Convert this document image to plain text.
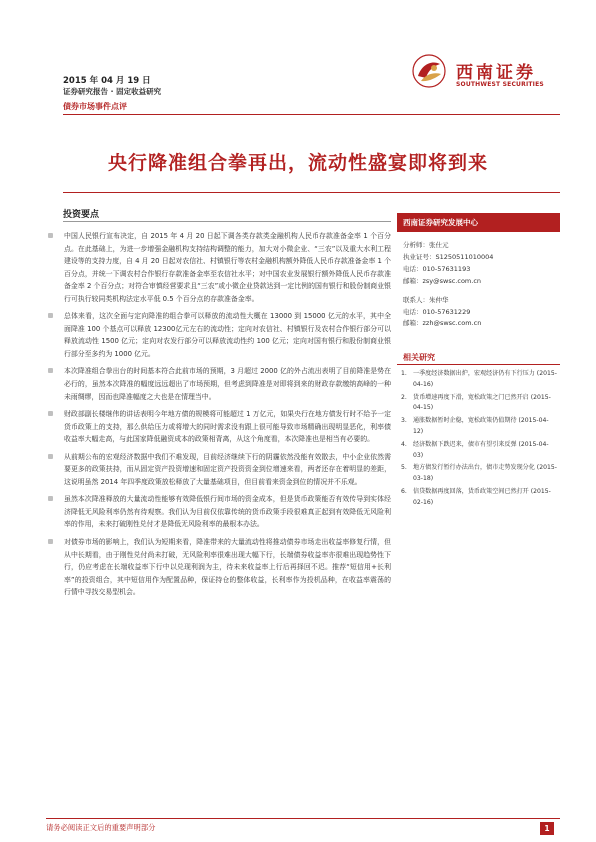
2015 年 04 月 19 日
证券研究报告 · 固定收益研究
债券市场事件点评
西南证券
SOUTHWEST SECURITIES
央行降准组合拳再出，流动性盛宴即将到来
投资要点
中国人民银行宣布决定，自 2015 年 4 月 20 日起下调各类存款类金融机构人民币存款准备金率 1 个百分点。在此基础上，为进一步增强金融机构支持结构调整的能力，加大对小微企业、“三农”以及重大水利工程建设等的支持力度，自 4 月 20 日起对农信社、村镇银行等农村金融机构额外降低人民币存款准备金率 1 个百分点，并统一下调农村合作银行存款准备金率至农信社水平；对中国农业发展银行额外降低人民币存款准备金率 2 个百分点；对符合审慎经营要求且“三农”或小微企业贷款达到一定比例的国有银行和股份制商业银行可执行较同类机构法定水平低 0.5 个百分点的存款准备金率。
总体来看，这次全面与定向降准的组合拳可以释放的流动性大概在 13000 到 15000 亿元的水平，其中全面降准 100 个基点可以释放 12300亿元左右的流动性；定向对农信社、村镇银行及农村合作银行部分可以释放流动性 1500 亿元；定向对农发行部分可以释放流动性约 100 亿元；定向对国有银行和股份制商业银行部分至多约为 1000 亿元。
本次降准组合拳出台的时间基本符合此前市场的预期，3 月超过 2000 亿的外占流出表明了目前降准是势在必行的，虽然本次降准的幅度远远超出了市场预期，但考虑到降准是对即将到来的财政存款缴纳高峰的一种未雨绸缪，因而也降准幅度之大也是在情理当中。
财政部副长楼继伟的讲话表明今年地方债的规模将可能超过 1 万亿元，如果央行在地方债发行时不给予一定货币政策上的支持，那么供给压力或将增大的同时需求没有跟上很可能导致市场精确出现明显恶化，利率债收益率大幅走高，与此国家降低融资成本的政策相背离，从这个角度看，本次降准也是相当有必要的。
从前期公布的宏观经济数据中我们不难发现，目前经济继续下行的阴霾依然没能有效散去，中小企业依然需要更多的政策扶持，而从固定资产投资增速和固定资产投资资金到位增速来看，两者还存在着明显的差距，这说明虽然 2014 年四季度政策放松释放了大量基础项目，但目前看来资金到位的情况并不乐观。
虽然本次降准释放的大量流动性能够有效降低银行间市场的资金成本，但是货币政策能否有效传导到实体经济降低无风险利率仍然有待观察。我们认为目前仅依靠传统的货币政策手段很难真正起到有效降低无风险利率的作用，未来打破刚性兑付才是降低无风险利率的最根本办法。
对债券市场的影响上，我们认为短期来看，降准带来的大量流动性将推动债券市场走出收益率修复行情，但从中长期看，由于刚性兑付尚未打破，无风险利率很难出现大幅下行，长端债券收益率亦很难出现趋势性下行，仍应考虑在长端收益率下行中以兑现利润为主，待未来收益率上行后再择回不迟。推荐“短信用+长利率”的投资组合，其中短信用作为配置品种，保证持仓的整体收益，长利率作为投机品种，在收益率震荡的行情中寻找交易型机会。
西南证券研究发展中心
分析师：张仕元
执业证号：S1250511010004
电话：010-57631193
邮箱：zsy@swsc.com.cn
联系人：朱仲华
电话：010-57631229
邮箱：zzh@swsc.com.cn
相关研究
1. 一季度经济数据出炉，宏观经济仍有下行压力 (2015-04-16)
2. 货币增速再度下滑，宽松政策之门已然开启 (2015-04-15)
3. 通胀数据暂时企稳，宽松政策仍值期待 (2015-04-12)
4. 经济数据下跌迟来，债市有望引来反弹 (2015-04-03)
5. 地方债发行暂行办法出台，债市走势发现分化 (2015-03-18)
6. 信贷数据再度回落，货币政策空间已然打开 (2015-02-16)
请务必阅读正文后的重要声明部分	1
